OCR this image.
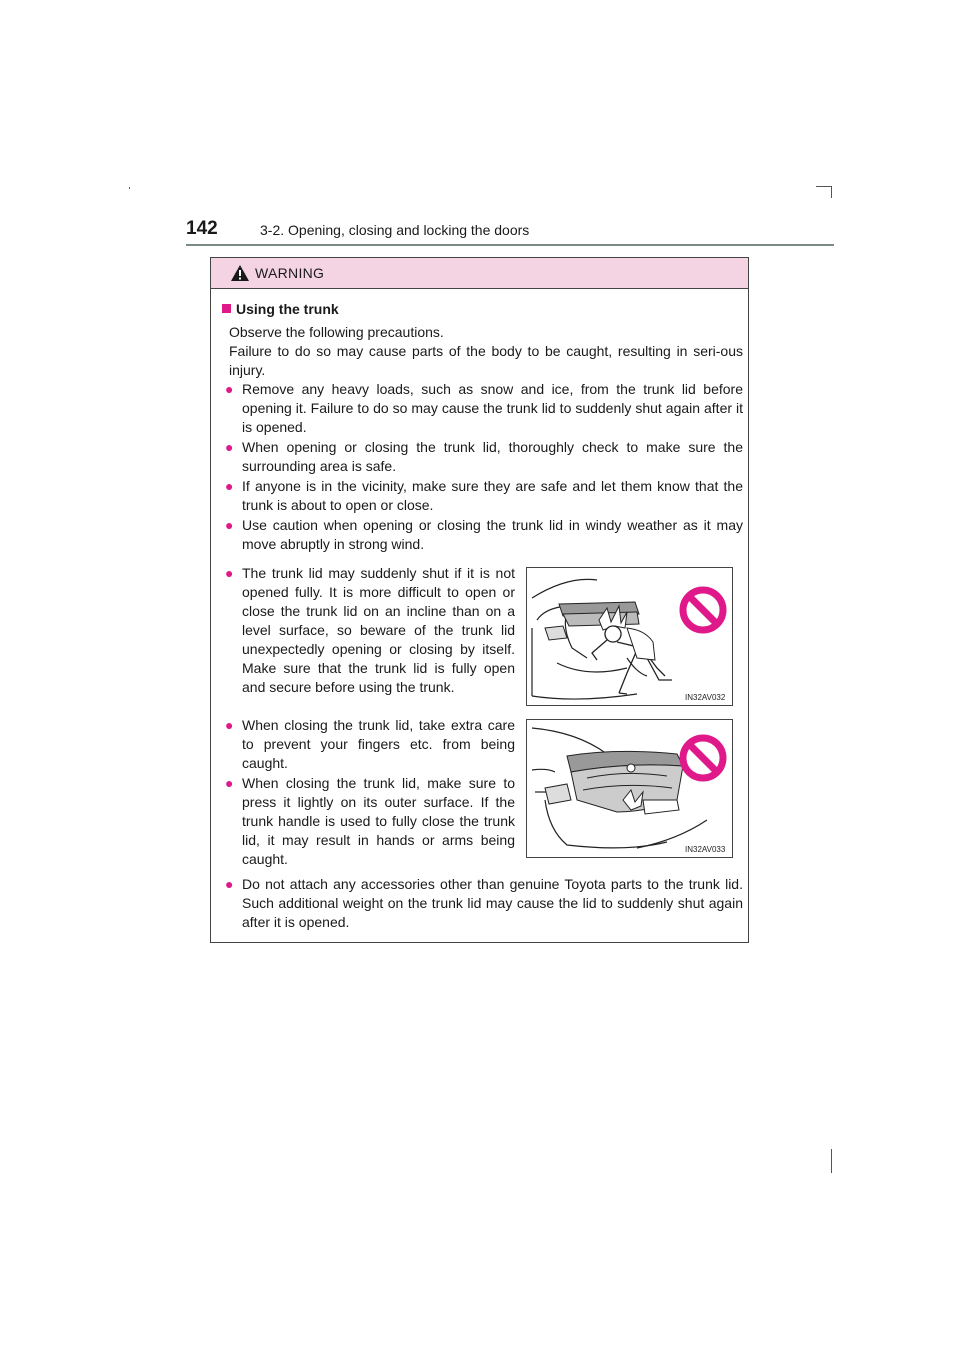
142	3-2. Opening, closing and locking the doors
WARNING
Using the trunk
Observe the following precautions.
Failure to do so may cause parts of the body to be caught, resulting in seri-ous injury.
● Remove any heavy loads, such as snow and ice, from the trunk lid before opening it. Failure to do so may cause the trunk lid to suddenly shut again after it is opened.
● When opening or closing the trunk lid, thoroughly check to make sure the surrounding area is safe.
● If anyone is in the vicinity, make sure they are safe and let them know that the trunk is about to open or close.
● Use caution when opening or closing the trunk lid in windy weather as it may move abruptly in strong wind.
● The trunk lid may suddenly shut if it is not opened fully. It is more difficult to open or close the trunk lid on an incline than on a level surface, so beware of the trunk lid unexpectedly opening or closing by itself. Make sure that the trunk lid is fully open and secure before using the trunk.
IN32AV032
● When closing the trunk lid, take extra care to prevent your fingers etc. from being caught.
● When closing the trunk lid, make sure to press it lightly on its outer surface. If the trunk handle is used to fully close the trunk lid, it may result in hands or arms being caught.
IN32AV033
● Do not attach any accessories other than genuine Toyota parts to the trunk lid. Such additional weight on the trunk lid may cause the lid to suddenly shut again after it is opened.
